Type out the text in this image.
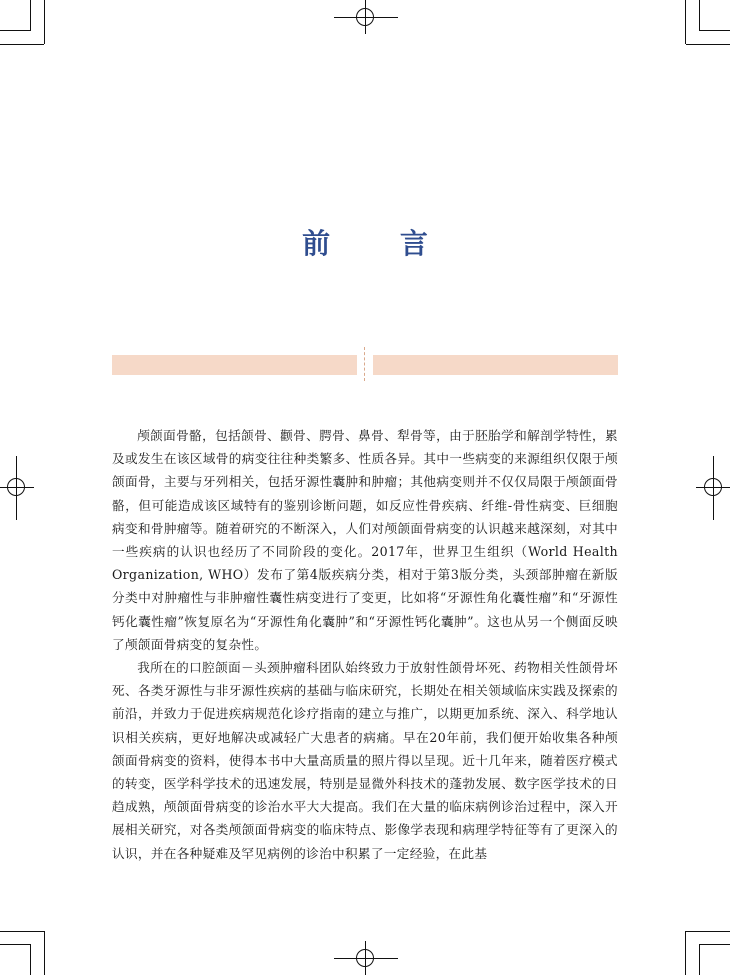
前 言

颅颌面骨骼，包括颌骨、颧骨、腭骨、鼻骨、犁骨等，由于胚胎学和解剖学特性，累及或发生在该区域骨的病变往往种类繁多、性质各异。其中一些病变的来源组织仅限于颅颌面骨，主要与牙列相关，包括牙源性囊肿和肿瘤；其他病变则并不仅仅局限于颅颌面骨骼，但可能造成该区域特有的鉴别诊断问题，如反应性骨疾病、纤维-骨性病变、巨细胞病变和骨肿瘤等。随着研究的不断深入，人们对颅颌面骨病变的认识越来越深刻，对其中一些疾病的认识也经历了不同阶段的变化。2017年，世界卫生组织（World Health Organization, WHO）发布了第4版疾病分类，相对于第3版分类，头颈部肿瘤在新版分类中对肿瘤性与非肿瘤性囊性病变进行了变更，比如将“牙源性角化囊性瘤”和“牙源性钙化囊性瘤”恢复原名为“牙源性角化囊肿”和“牙源性钙化囊肿”。这也从另一个侧面反映了颅颌面骨病变的复杂性。

我所在的口腔颌面－头颈肿瘤科团队始终致力于放射性颌骨坏死、药物相关性颌骨坏死、各类牙源性与非牙源性疾病的基础与临床研究，长期处在相关领域临床实践及探索的前沿，并致力于促进疾病规范化诊疗指南的建立与推广，以期更加系统、深入、科学地认识相关疾病，更好地解决或减轻广大患者的病痛。早在20年前，我们便开始收集各种颅颌面骨病变的资料，使得本书中大量高质量的照片得以呈现。近十几年来，随着医疗模式的转变，医学科学技术的迅速发展，特别是显微外科技术的蓬勃发展、数字医学技术的日趋成熟，颅颌面骨病变的诊治水平大大提高。我们在大量的临床病例诊治过程中，深入开展相关研究，对各类颅颌面骨病变的临床特点、影像学表现和病理学特征等有了更深入的认识，并在各种疑难及罕见病例的诊治中积累了一定经验，在此基
